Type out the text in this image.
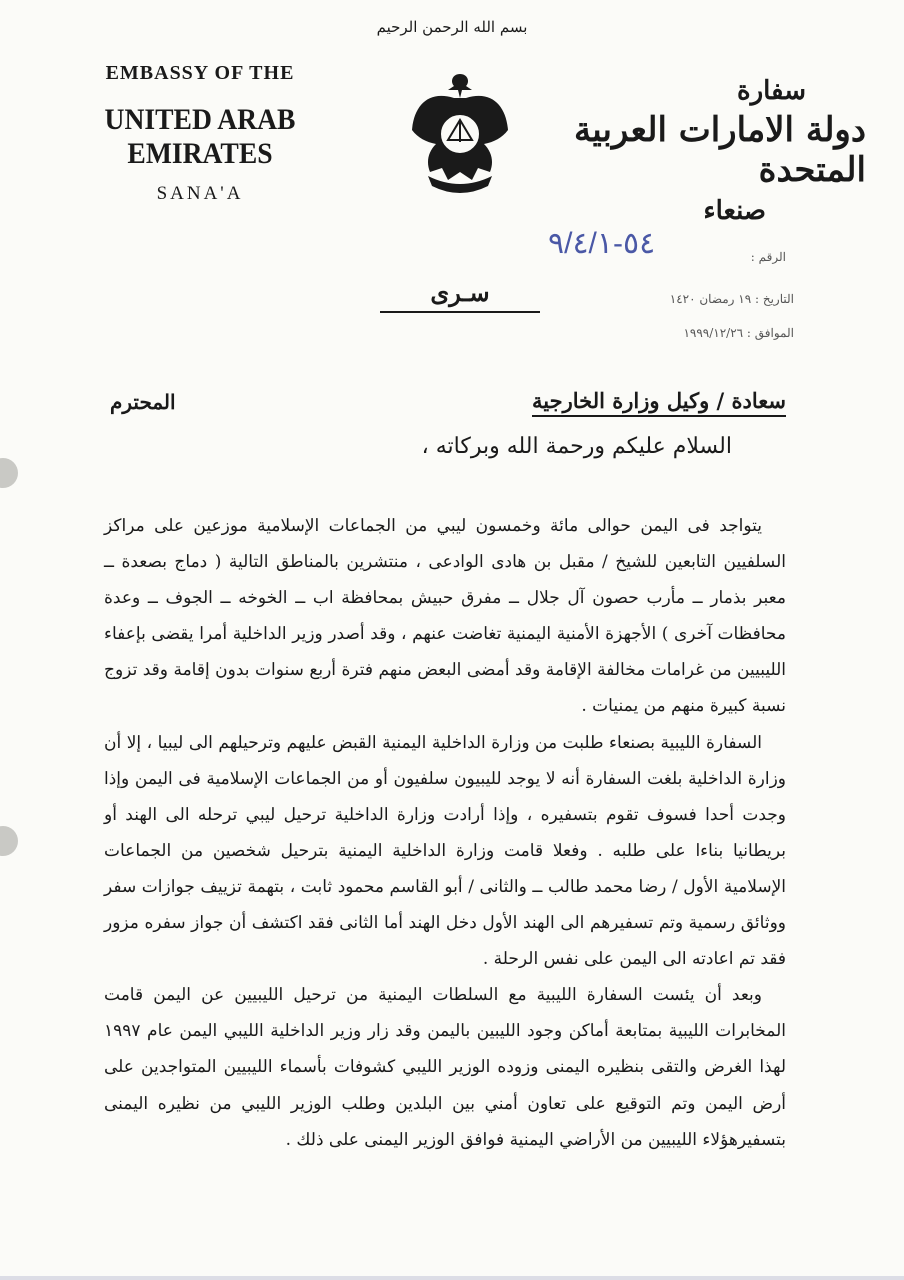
بسم الله الرحمن الرحيم
EMBASSY OF THE
UNITED ARAB EMIRATES
SANA'A
سفارة
دولة الامارات العربية المتحدة
صنعاء
الرقم :
٥٤-٩/٤/١
التاريخ : ١٩ رمضان ١٤٢٠
الموافق : ١٩٩٩/١٢/٢٦
سـرى
سعادة / وكيل وزارة الخارجية
المحترم
السلام عليكم ورحمة الله وبركاته ،

يتواجد فى اليمن حوالى مائة وخمسون ليبي من الجماعات الإسلامية موزعين على مراكز السلفيين التابعين للشيخ / مقبل بن هادى الوادعى ، منتشرين بالمناطق التالية ( دماج بصعدة ــ معبر بذمار ــ مأرب حصون آل جلال ــ مفرق حبيش بمحافظة اب ــ الخوخه ــ الجوف ــ وعدة محافظات آخرى ) الأجهزة الأمنية اليمنية تغاضت عنهم ، وقد أصدر وزير الداخلية أمرا يقضى بإعفاء الليبيين من غرامات مخالفة الإقامة وقد أمضى البعض منهم فترة أربع سنوات بدون إقامة وقد تزوج نسبة كبيرة منهم من يمنيات .

السفارة الليبية بصنعاء طلبت من وزارة الداخلية اليمنية القبض عليهم وترحيلهم الى ليبيا ، إلا أن وزارة الداخلية بلغت السفارة أنه لا يوجد لليبيون سلفيون أو من الجماعات الإسلامية فى اليمن وإذا وجدت أحدا فسوف تقوم بتسفيره ، وإذا أرادت وزارة الداخلية ترحيل ليبي ترحله الى الهند أو بريطانيا بناءا على طلبه . وفعلا قامت وزارة الداخلية اليمنية بترحيل شخصين من الجماعات الإسلامية الأول / رضا محمد طالب ــ والثانى / أبو القاسم محمود ثابت ، بتهمة تزييف جوازات سفر ووثائق رسمية وتم تسفيرهم الى الهند الأول دخل الهند أما الثانى فقد اكتشف أن جواز سفره مزور فقد تم اعادته الى اليمن على نفس الرحلة .

وبعد أن يئست السفارة الليبية مع السلطات اليمنية من ترحيل الليبيين عن اليمن قامت المخابرات الليبية بمتابعة أماكن وجود الليبين باليمن وقد زار وزير الداخلية الليبي اليمن عام ١٩٩٧ لهذا الغرض والتقى بنظيره اليمنى وزوده الوزير الليبي كشوفات بأسماء الليبيين المتواجدين على أرض اليمن وتم التوقيع على تعاون أمني بين البلدين وطلب الوزير الليبي من نظيره اليمنى بتسفيرهؤلاء الليبيين من الأراضي اليمنية فوافق الوزير اليمنى على ذلك .
